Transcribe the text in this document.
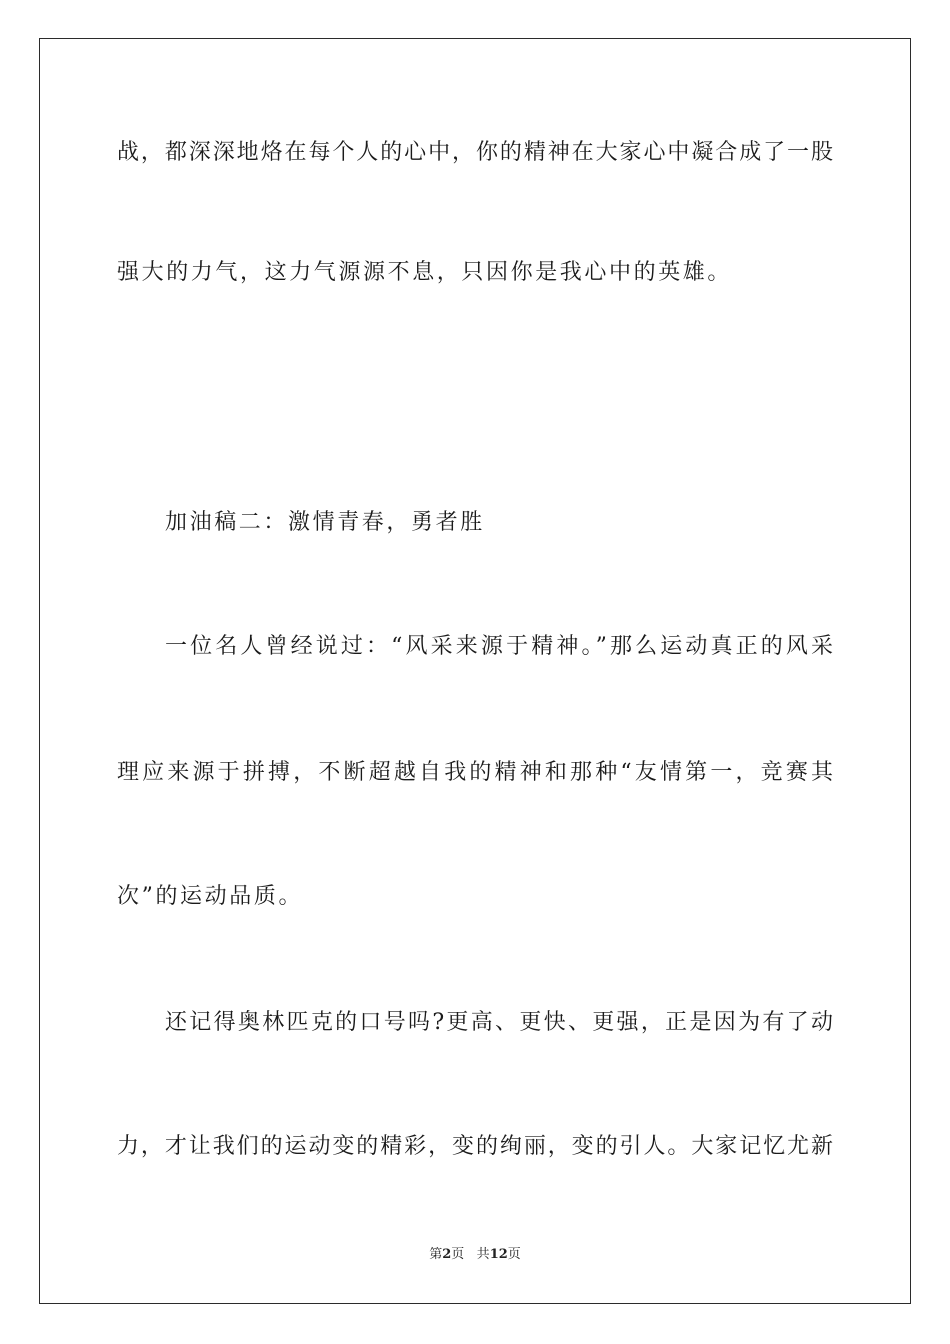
战，都深深地烙在每个人的心中，你的精神在大家心中凝合成了一股
强大的力气，这力气源源不息，只因你是我心中的英雄。
加油稿二：激情青春，勇者胜
一位名人曾经说过：“风采来源于精神。”那么运动真正的风采
理应来源于拼搏，不断超越自我的精神和那种“友情第一，竞赛其
次”的运动品质。
还记得奥林匹克的口号吗?更高、更快、更强，正是因为有了动
力，才让我们的运动变的精彩，变的绚丽，变的引人。大家记忆尤新
第2页 共12页
